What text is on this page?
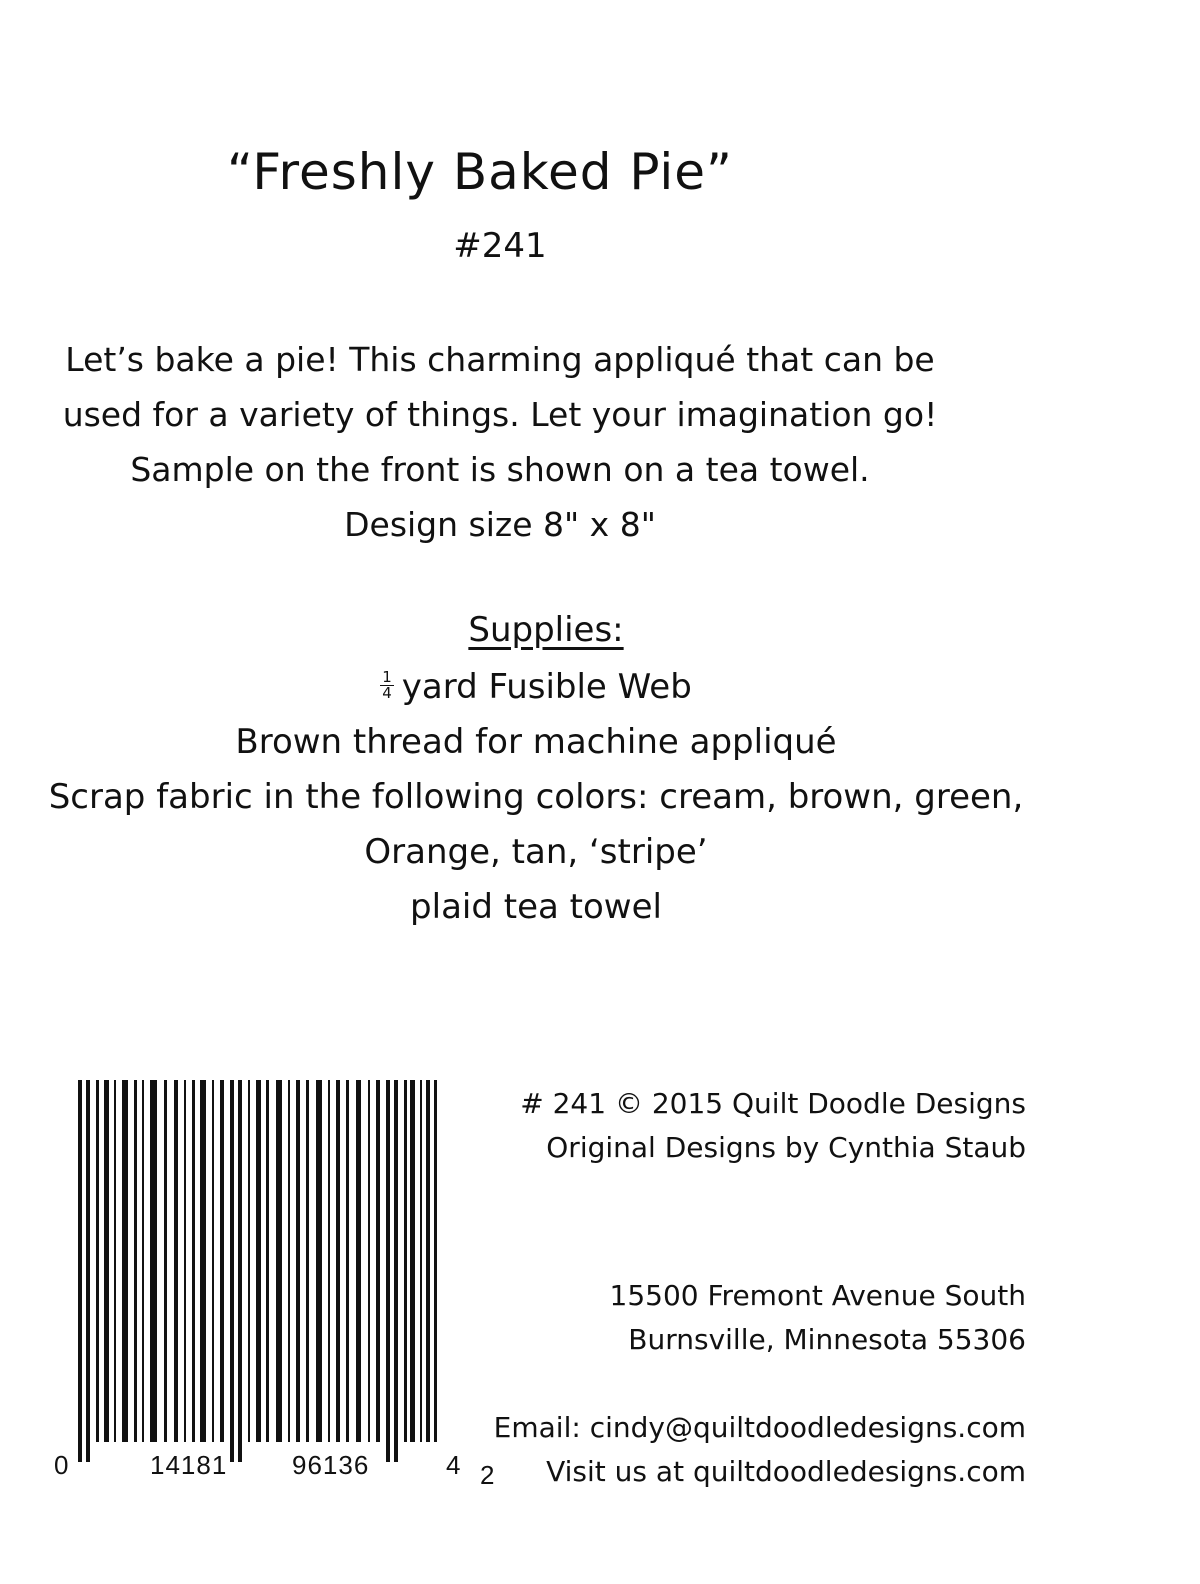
“Freshly Baked Pie”
#241
Let’s bake a pie! This charming appliqué that can be
used for a variety of things. Let your imagination go!
Sample on the front is shown on a tea towel.
Design size 8" x 8"
Supplies:
$\frac{1}{4}$ yard Fusible Web
Brown thread for machine appliqué
Scrap fabric in the following colors: cream, brown, green,
Orange, tan, ‘stripe’
plaid tea towel
0	14181 96136	4 2
# 241 © 2015 Quilt Doodle Designs
Original Designs by Cynthia Staub
15500 Fremont Avenue South
Burnsville, Minnesota 55306
Email: cindy@quiltdoodledesigns.com
Visit us at quiltdoodledesigns.com
